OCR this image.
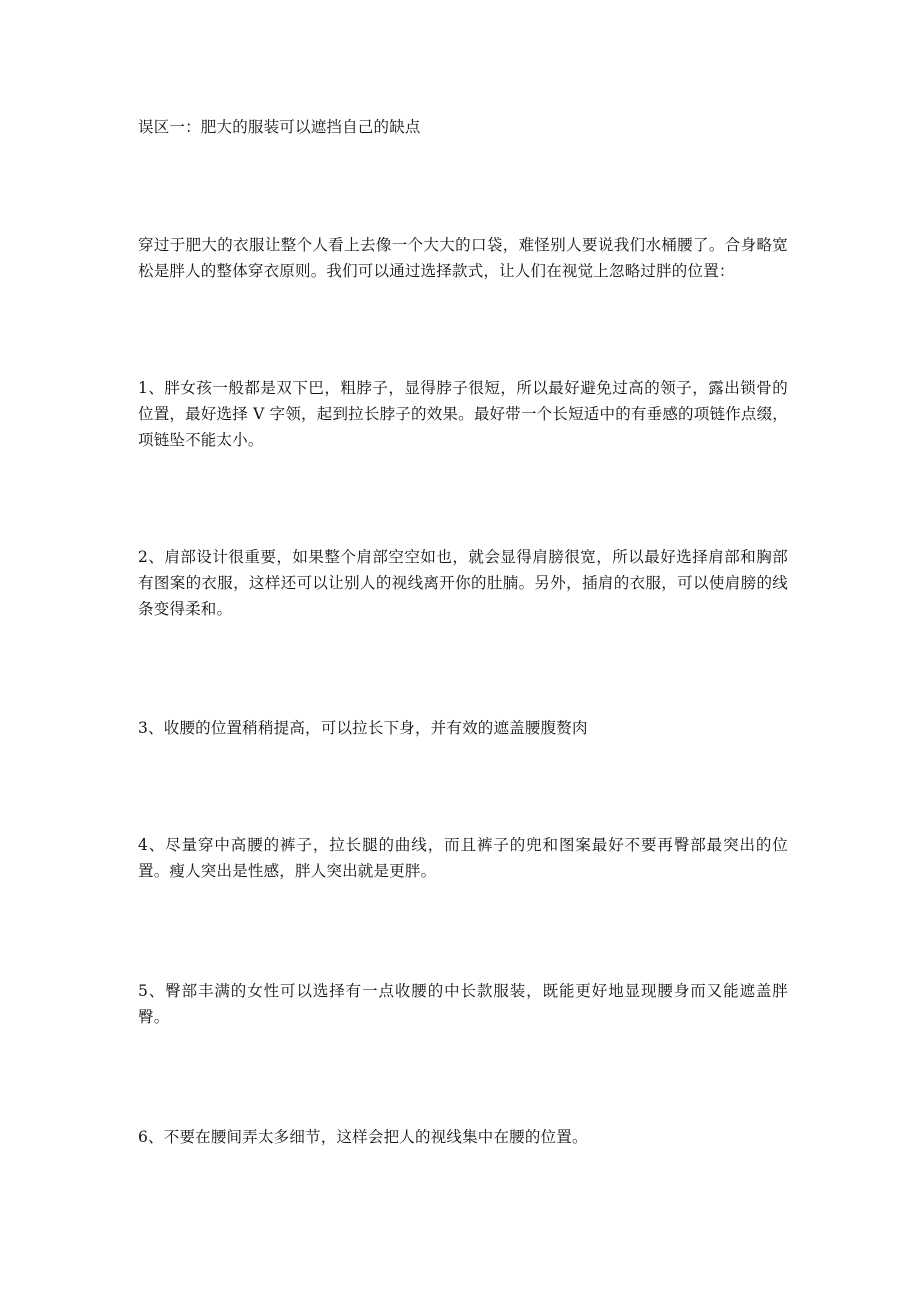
误区一：肥大的服装可以遮挡自己的缺点

穿过于肥大的衣服让整个人看上去像一个大大的口袋，难怪别人要说我们水桶腰了。合身略宽松是胖人的整体穿衣原则。我们可以通过选择款式，让人们在视觉上忽略过胖的位置：

1、胖女孩一般都是双下巴，粗脖子，显得脖子很短，所以最好避免过高的领子，露出锁骨的位置，最好选择 V 字领，起到拉长脖子的效果。最好带一个长短适中的有垂感的项链作点缀，项链坠不能太小。

2、肩部设计很重要，如果整个肩部空空如也，就会显得肩膀很宽，所以最好选择肩部和胸部有图案的衣服，这样还可以让别人的视线离开你的肚腩。另外，插肩的衣服，可以使肩膀的线条变得柔和。

3、收腰的位置稍稍提高，可以拉长下身，并有效的遮盖腰腹赘肉

4、尽量穿中高腰的裤子，拉长腿的曲线，而且裤子的兜和图案最好不要再臀部最突出的位置。瘦人突出是性感，胖人突出就是更胖。

5、臀部丰满的女性可以选择有一点收腰的中长款服装，既能更好地显现腰身而又能遮盖胖臀。

6、不要在腰间弄太多细节，这样会把人的视线集中在腰的位置。
